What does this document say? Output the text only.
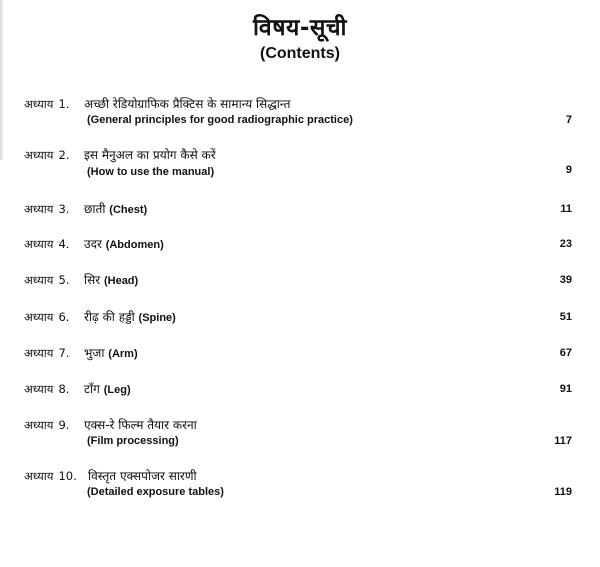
विषय-सूची
(Contents)
अध्याय 1. अच्छी रेडियोग्राफिक प्रैक्टिस के सामान्य सिद्धान्त
(General principles for good radiographic practice)	7
अध्याय 2. इस मैनुअल का प्रयोग कैसे करें
(How to use the manual)	9
अध्याय 3. छाती (Chest)	11
अध्याय 4. उदर (Abdomen)	23
अध्याय 5. सिर (Head)	39
अध्याय 6. रीढ़ की हड्डी (Spine)	51
अध्याय 7. भुजा (Arm)	67
अध्याय 8. टाँग (Leg)	91
अध्याय 9. एक्स-रे फिल्म तैयार करना
(Film processing)	117
अध्याय 10. विस्तृत एक्सपोजर सारणी
(Detailed exposure tables)	119
